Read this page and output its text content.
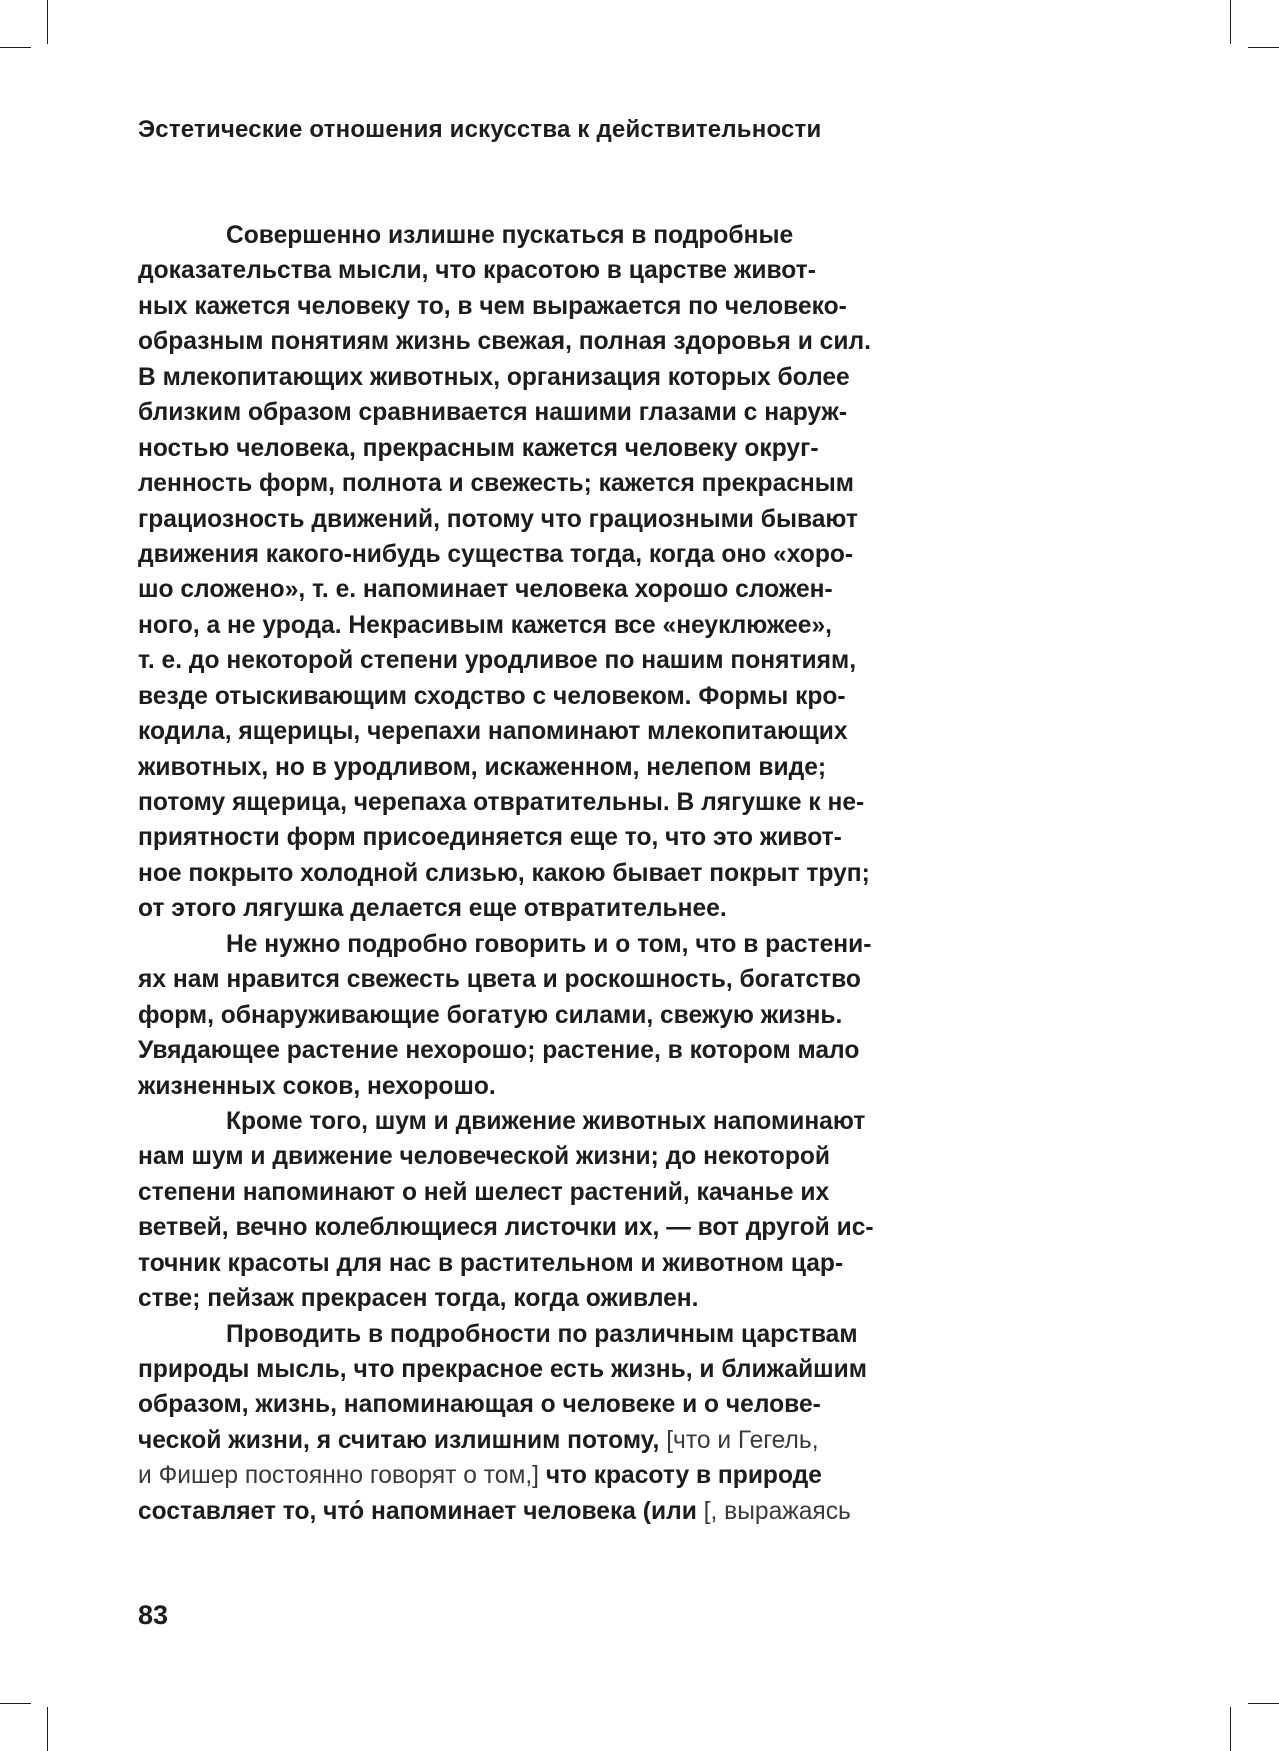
Эстетические отношения искусства к действительности
Совершенно излишне пускаться в подробные
доказательства мысли, что красотою в царстве живот-
ных кажется человеку то, в чем выражается по человеко-
образным понятиям жизнь свежая, полная здоровья и сил.
В млекопитающих животных, организация которых более
близким образом сравнивается нашими глазами с наруж-
ностью человека, прекрасным кажется человеку округ-
ленность форм, полнота и свежесть; кажется прекрасным
грациозность движений, потому что грациозными бывают
движения какого-нибудь существа тогда, когда оно «хоро-
шо сложено», т. е. напоминает человека хорошо сложен-
ного, а не урода. Некрасивым кажется все «неуклюжее»,
т. е. до некоторой степени уродливое по нашим понятиям,
везде отыскивающим сходство с человеком. Формы кро-
кодила, ящерицы, черепахи напоминают млекопитающих
животных, но в уродливом, искаженном, нелепом виде;
потому ящерица, черепаха отвратительны. В лягушке к не-
приятности форм присоединяется еще то, что это живот-
ное покрыто холодной слизью, какою бывает покрыт труп;
от этого лягушка делается еще отвратительнее.
Не нужно подробно говорить и о том, что в растени-
ях нам нравится свежесть цвета и роскошность, богатство
форм, обнаруживающие богатую силами, свежую жизнь.
Увядающее растение нехорошо; растение, в котором мало
жизненных соков, нехорошо.
Кроме того, шум и движение животных напоминают
нам шум и движение человеческой жизни; до некоторой
степени напоминают о ней шелест растений, качанье их
ветвей, вечно колеблющиеся листочки их, — вот другой ис-
точник красоты для нас в растительном и животном цар-
стве; пейзаж прекрасен тогда, когда оживлен.
Проводить в подробности по различным царствам
природы мысль, что прекрасное есть жизнь, и ближайшим
образом, жизнь, напоминающая о человеке и о челове-
ческой жизни, я считаю излишним потому, [что и Гегель,
и Фишер постоянно говорят о том,] что красоту в природе
составляет то, что́ напоминает человека (или [, выражаясь
83
